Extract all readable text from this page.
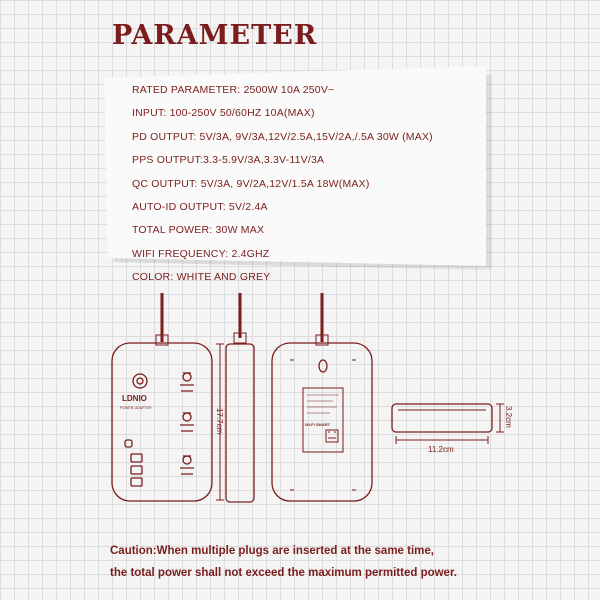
PARAMETER
RATED PARAMETER: 2500W 10A 250V~
INPUT: 100-250V 50/60HZ 10A(MAX)
PD OUTPUT: 5V/3A, 9V/3A,12V/2.5A,15V/2A,/.5A 30W (MAX)
PPS OUTPUT:3.3-5.9V/3A,3.3V-11V/3A
QC OUTPUT: 5V/3A, 9V/2A,12V/1.5A 18W(MAX)
AUTO-ID OUTPUT: 5V/2.4A
TOTAL POWER: 30W MAX
WIFI FREQUENCY: 2.4GHZ
COLOR: WHITE AND GREY
LDNIO
POWER, ADAPTER
Wi-Fi SMART
17.7cm
11.2cm
3.2cm
Caution:When multiple plugs are inserted at the same time,
the total power shall not exceed the maximum permitted power.
